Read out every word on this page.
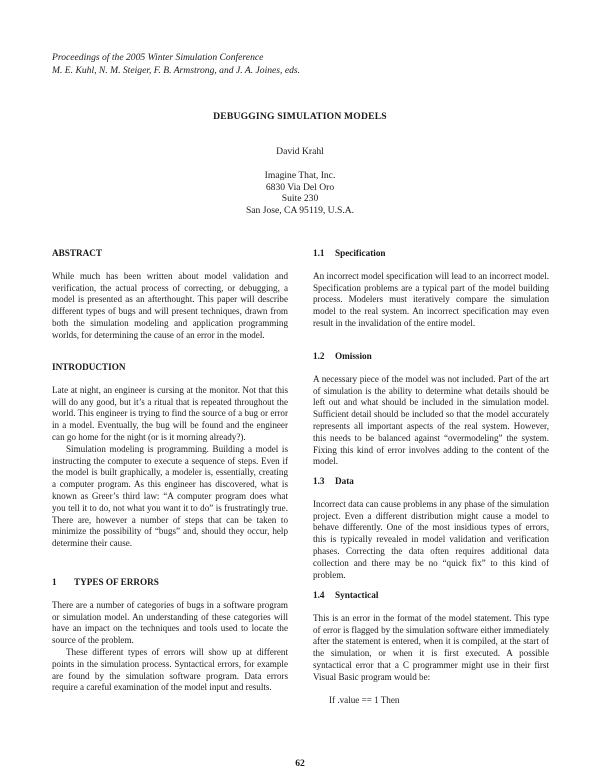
Proceedings of the 2005 Winter Simulation Conference
M. E. Kuhl, N. M. Steiger, F. B. Armstrong, and J. A. Joines, eds.
DEBUGGING SIMULATION MODELS
David Krahl
Imagine That, Inc.
6830 Via Del Oro
Suite 230
San Jose, CA 95119, U.S.A.
ABSTRACT

While much has been written about model validation and verification, the actual process of correcting, or debugging, a model is presented as an afterthought. This paper will describe different types of bugs and will present techniques, drawn from both the simulation modeling and application programming worlds, for determining the cause of an error in the model.

INTRODUCTION

Late at night, an engineer is cursing at the monitor. Not that this will do any good, but it’s a ritual that is repeated throughout the world. This engineer is trying to find the source of a bug or error in a model. Eventually, the bug will be found and the engineer can go home for the night (or is it morning already?).

Simulation modeling is programming. Building a model is instructing the computer to execute a sequence of steps. Even if the model is built graphically, a modeler is, essentially, creating a computer program. As this engineer has discovered, what is known as Greer’s third law: “A computer program does what you tell it to do, not what you want it to do” is frustratingly true. There are, however a number of steps that can be taken to minimize the possibility of “bugs” and, should they occur, help determine their cause.

1 TYPES OF ERRORS

There are a number of categories of bugs in a software program or simulation model. An understanding of these categories will have an impact on the techniques and tools used to locate the source of the problem.

These different types of errors will show up at different points in the simulation process. Syntactical errors, for example are found by the simulation software program. Data errors require a careful examination of the model input and results.

1.1 Specification

An incorrect model specification will lead to an incorrect model. Specification problems are a typical part of the model building process. Modelers must iteratively compare the simulation model to the real system. An incorrect specification may even result in the invalidation of the entire model.

1.2 Omission

A necessary piece of the model was not included. Part of the art of simulation is the ability to determine what details should be left out and what should be included in the simulation model. Sufficient detail should be included so that the model accurately represents all important aspects of the real system. However, this needs to be balanced against “overmodeling” the system. Fixing this kind of error involves adding to the content of the model.

1.3 Data

Incorrect data can cause problems in any phase of the simulation project. Even a different distribution might cause a model to behave differently. One of the most insidious types of errors, this is typically revealed in model validation and verification phases. Correcting the data often requires additional data collection and there may be no “quick fix” to this kind of problem.

1.4 Syntactical

This is an error in the format of the model statement. This type of error is flagged by the simulation software either immediately after the statement is entered, when it is compiled, at the start of the simulation, or when it is first executed. A possible syntactical error that a C programmer might use in their first Visual Basic program would be:

If .value == 1 Then

62
